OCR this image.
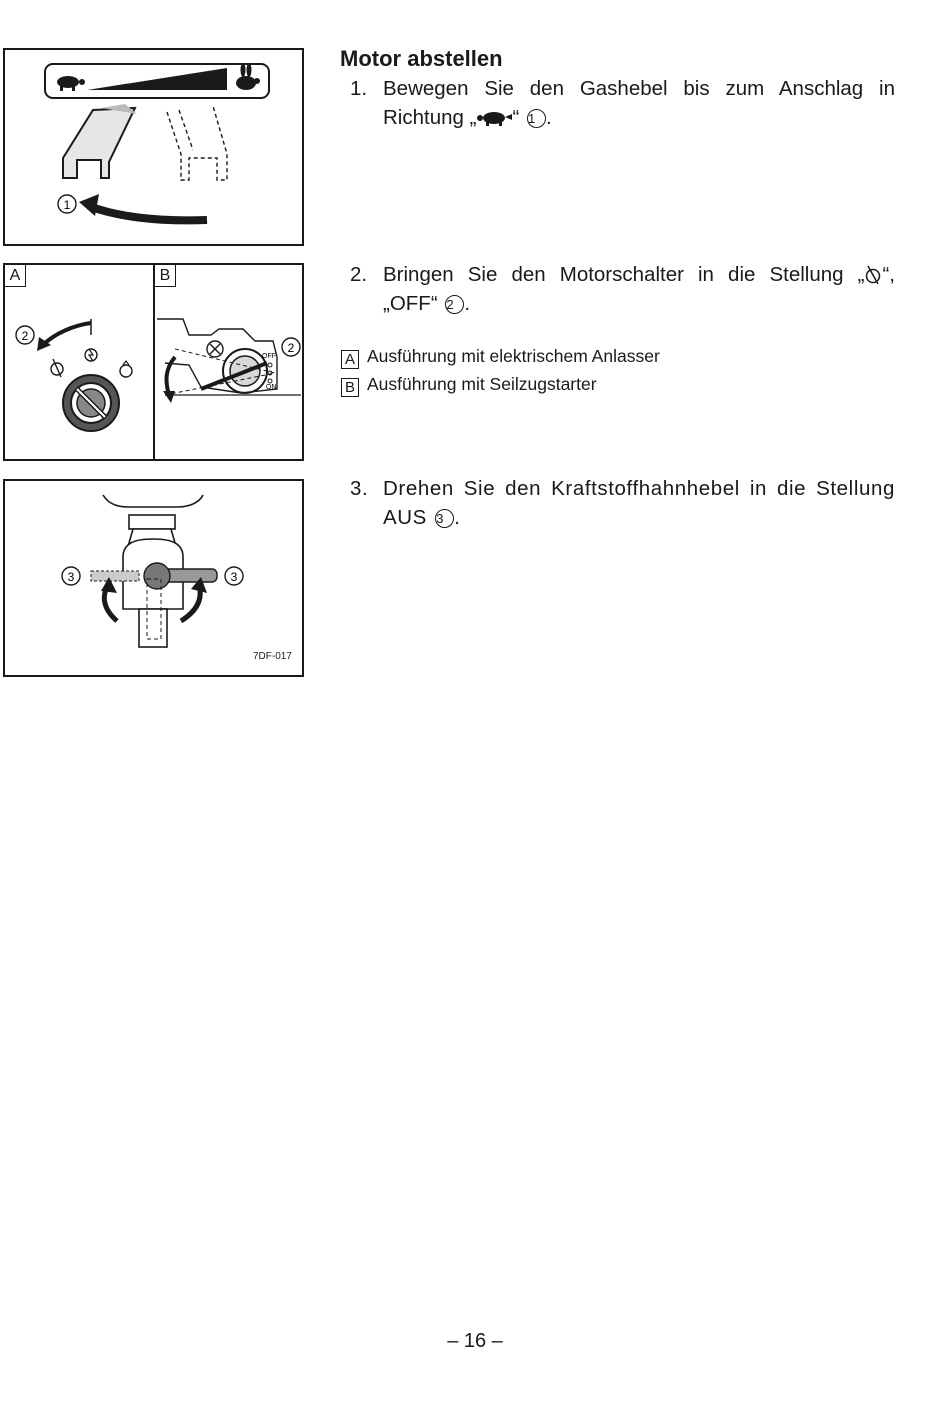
1
2
OFF
ON
2
A	B
3	3
7DF-017
Motor abstellen
1. Bewegen Sie den Gashebel bis zum Anschlag in Richtung „ “ 1 .
2. Bringen Sie den Motorschalter in die Stellung „ “, „OFF“ 2 .
A Ausführung mit elektrischem Anlasser
B Ausführung mit Seilzugstarter
3. Drehen Sie den Kraftstoffhahnhebel in die Stellung AUS 3 .
– 16 –
